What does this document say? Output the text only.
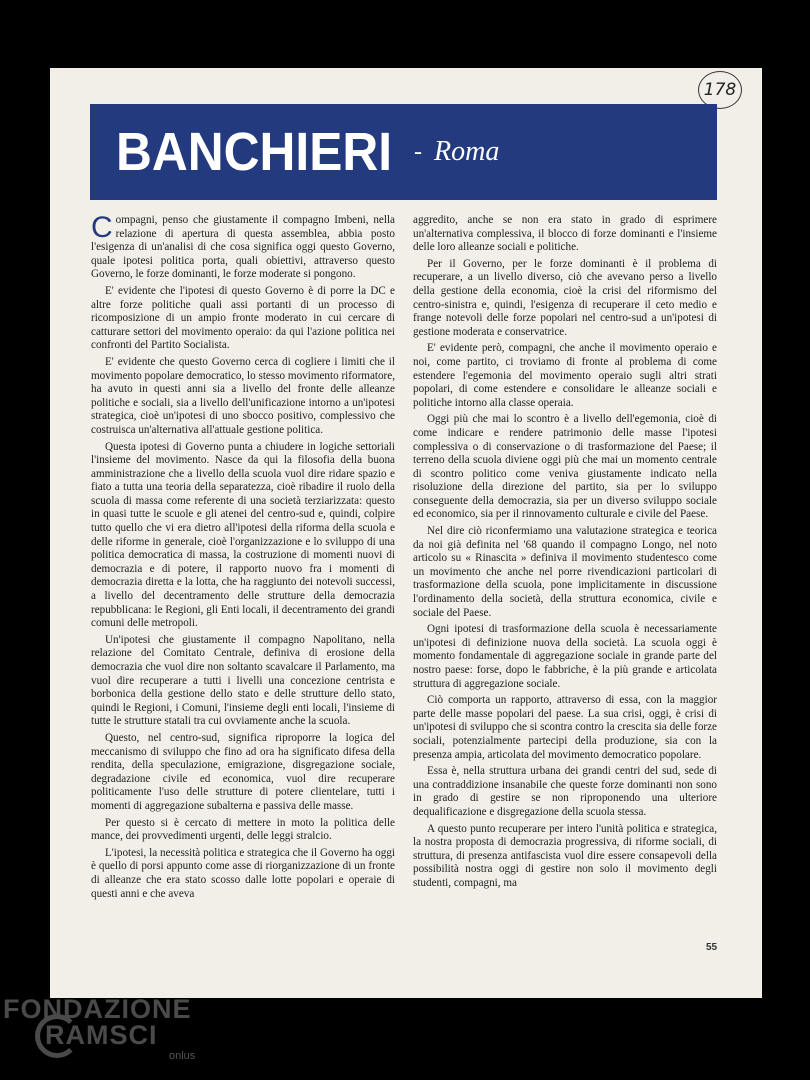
178
BANCHIERI - Roma

Compagni, penso che giustamente il compagno Imbeni, nella relazione di apertura di questa assemblea, abbia posto l'esigenza di un'analisi di che cosa significa oggi questo Governo, quale ipotesi politica porta, quali obiettivi, attraverso questo Governo, le forze dominanti, le forze moderate si pongono.

E' evidente che l'ipotesi di questo Governo è di porre la DC e altre forze politiche quali assi portanti di un processo di ricomposizione di un ampio fronte moderato in cui cercare di catturare settori del movimento operaio: da qui l'azione politica nei confronti del Partito Socialista.

E' evidente che questo Governo cerca di cogliere i limiti che il movimento popolare democratico, lo stesso movimento riformatore, ha avuto in questi anni sia a livello del fronte delle alleanze politiche e sociali, sia a livello dell'unificazione intorno a un'ipotesi strategica, cioè un'ipotesi di uno sbocco positivo, complessivo che costruisca un'alternativa all'attuale gestione politica.

Questa ipotesi di Governo punta a chiudere in logiche settoriali l'insieme del movimento. Nasce da qui la filosofia della buona amministrazione che a livello della scuola vuol dire ridare spazio e fiato a tutta una teoria della separatezza, cioè ribadire il ruolo della scuola di massa come referente di una società terziarizzata: questo in quasi tutte le scuole e gli atenei del centro-sud e, quindi, colpire tutto quello che vi era dietro all'ipotesi della riforma della scuola e delle riforme in generale, cioè l'organizzazione e lo sviluppo di una politica democratica di massa, la costruzione di momenti nuovi di democrazia e di potere, il rapporto nuovo fra i momenti di democrazia diretta e la lotta, che ha raggiunto dei notevoli successi, a livello del decentramento delle strutture della democrazia repubblicana: le Regioni, gli Enti locali, il decentramento dei grandi comuni delle metropoli.

Un'ipotesi che giustamente il compagno Napolitano, nella relazione del Comitato Centrale, definiva di erosione della democrazia che vuol dire non soltanto scavalcare il Parlamento, ma vuol dire recuperare a tutti i livelli una concezione centrista e borbonica della gestione dello stato e delle strutture dello stato, quindi le Regioni, i Comuni, l'insieme degli enti locali, l'insieme di tutte le strutture statali tra cui ovviamente anche la scuola.

Questo, nel centro-sud, significa riproporre la logica del meccanismo di sviluppo che fino ad ora ha significato difesa della rendita, della speculazione, emigrazione, disgregazione sociale, degradazione civile ed economica, vuol dire recuperare politicamente l'uso delle strutture di potere clientelare, tutti i momenti di aggregazione subalterna e passiva delle masse.

Per questo si è cercato di mettere in moto la politica delle mance, dei provvedimenti urgenti, delle leggi stralcio.

L'ipotesi, la necessità politica e strategica che il Governo ha oggi è quello di porsi appunto come asse di riorganizzazione di un fronte di alleanze che era stato scosso dalle lotte popolari e operaie di questi anni e che aveva

aggredito, anche se non era stato in grado di esprimere un'alternativa complessiva, il blocco di forze dominanti e l'insieme delle loro alleanze sociali e politiche.

Per il Governo, per le forze dominanti è il problema di recuperare, a un livello diverso, ciò che avevano perso a livello della gestione della economia, cioè la crisi del riformismo del centro-sinistra e, quindi, l'esigenza di recuperare il ceto medio e frange notevoli delle forze popolari nel centro-sud a un'ipotesi di gestione moderata e conservatrice.

E' evidente però, compagni, che anche il movimento operaio e noi, come partito, ci troviamo di fronte al problema di come estendere l'egemonia del movimento operaio sugli altri strati popolari, di come estendere e consolidare le alleanze sociali e politiche intorno alla classe operaia.

Oggi più che mai lo scontro è a livello dell'egemonia, cioè di come indicare e rendere patrimonio delle masse l'ipotesi complessiva o di conservazione o di trasformazione del Paese; il terreno della scuola diviene oggi più che mai un momento centrale di scontro politico come veniva giustamente indicato nella risoluzione della direzione del partito, sia per lo sviluppo conseguente della democrazia, sia per un diverso sviluppo sociale ed economico, sia per il rinnovamento culturale e civile del Paese.

Nel dire ciò riconfermiamo una valutazione strategica e teorica da noi già definita nel '68 quando il compagno Longo, nel noto articolo su « Rinascita » definiva il movimento studentesco come un movimento che anche nel porre rivendicazioni particolari di trasformazione della scuola, pone implicitamente in discussione l'ordinamento della società, della struttura economica, civile e sociale del Paese.

Ogni ipotesi di trasformazione della scuola è necessariamente un'ipotesi di definizione nuova della società. La scuola oggi è momento fondamentale di aggregazione sociale in grande parte del nostro paese: forse, dopo le fabbriche, è la più grande e articolata struttura di aggregazione sociale.

Ciò comporta un rapporto, attraverso di essa, con la maggior parte delle masse popolari del paese. La sua crisi, oggi, è crisi di un'ipotesi di sviluppo che si scontra contro la crescita sia delle forze sociali, potenzialmente partecipi della produzione, sia con la presenza ampia, articolata del movimento democratico popolare.

Essa è, nella struttura urbana dei grandi centri del sud, sede di una contraddizione insanabile che queste forze dominanti non sono in grado di gestire se non riproponendo una ulteriore dequalificazione e disgregazione della scuola stessa.

A questo punto recuperare per intero l'unità politica e strategica, la nostra proposta di democrazia progressiva, di riforme sociali, di struttura, di presenza antifascista vuol dire essere consapevoli della possibilità nostra oggi di gestire non solo il movimento degli studenti, compagni, ma

55
FONDAZIONE
RAMSCI
onlus
